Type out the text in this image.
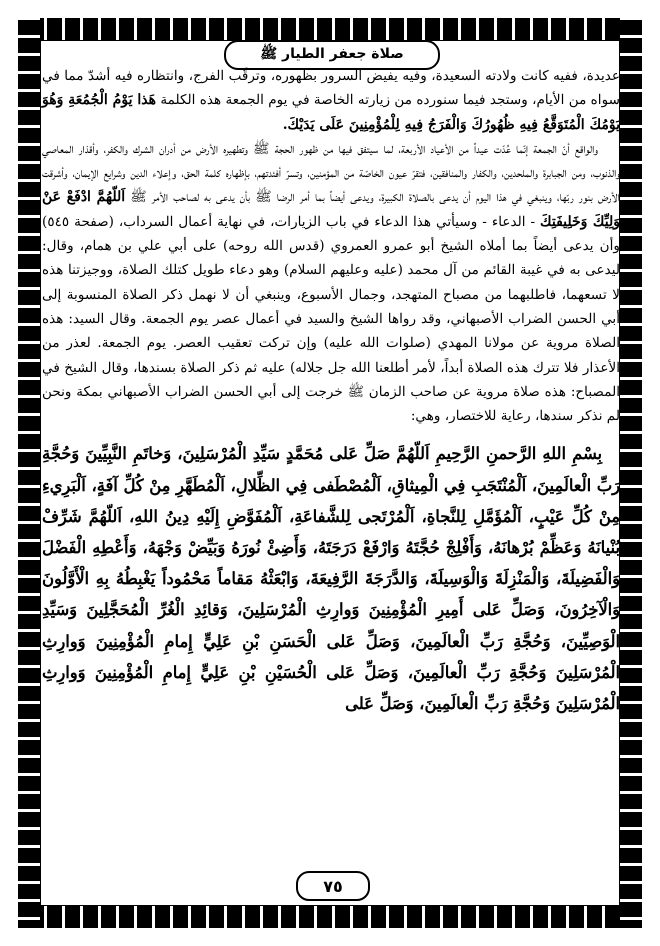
صلاة جعفر الطيار ﷺ

عديدة، ففيه كانت ولادته السعيدة، وفيه يفيض السرور بظهوره، وترقّب الفرج، وانتظاره فيه أشدّ مما في سواه من الأيام، وستجد فيما سنورده من زيارته الخاصة في يوم الجمعة هذه الكلمة هَذا يَوْمُ الْجُمُعَةِ وَهُوَ يَوْمُكَ الْمُتَوَقَّعُ فِيهِ ظُهُورُكَ وَالْفَرَجُ فِيهِ لِلْمُؤْمِنِينَ عَلَى يَدَيْكَ.

والواقع أنّ الجمعة إنّما عُدّت عيداً من الأعياد الأربعة، لما سيتفق فيها من ظهور الحجة ﷺ وتطهيره الأرض من أدران الشرك والكفر، وأقذار المعاصي والذنوب، ومن الجبابرة والملحدين، والكفار والمنافقين، فتقرّ عيون الخاصّة من المؤمنين، وتسرّ أفئدتهم، بإظهاره كلمة الحق، وإعلاء الدين وشرايع الإيمان، وأشرقت الأرض بنور ربّها، وينبغي في هذا اليوم أن يدعى بالصلاة الكبيرة، ويدعى أيضاً بما أمر الرضا ﷺ بأن يدعى به لصاحب الأمر ﷺ اَللّهُمَّ ادْفَعْ عَنْ وَلِيِّكَ وَخَلِيفَتِكَ - الدعاء - وسيأتي هذا الدعاء في باب الزيارات، في نهاية أعمال السرداب، (صفحة ٥٤٥) وأن يدعى أيضاً بما أملاه الشيخ أبو عمرو العمروي (قدس الله روحه) على أبي علي بن همام، وقال: ليدعى به في غيبة القائم من آل محمد (عليه وعليهم السلام) وهو دعاء طويل كتلك الصلاة، ووجيزتنا هذه لا تسعهما، فاطلبهما من مصباح المتهجد، وجمال الأسبوع، وينبغي أن لا نهمل ذكر الصلاة المنسوبة إلى أبي الحسن الضراب الأصبهاني، وقد رواها الشيخ والسيد في أعمال عصر يوم الجمعة. وقال السيد: هذه الصلاة مروية عن مولانا المهدي (صلوات الله عليه) وإن تركت تعقيب العصر. يوم الجمعة. لعذر من الأعذار فلا تترك هذه الصلاة أبداً، لأمر أطلعنا الله جل جلاله) عليه ثم ذكر الصلاة بسندها، وقال الشيخ في المصباح: هذه صلاة مروية عن صاحب الزمان ﷺ خرجت إلى أبي الحسن الضراب الأصبهاني بمكة ونحن لم نذكر سندها، رعاية للاختصار، وهي:

بِسْمِ اللهِ الرَّحمنِ الرَّحِيمِ اَللّهُمَّ صَلِّ عَلى مُحَمَّدٍ سَيِّدِ الْمُرْسَلِينَ، وَخاتَمِ النَّبِيِّينَ وَحُجَّةِ رَبِّ الْعالَمِينَ، اَلْمُنْتَجَبِ فِي الْمِيثاقِ، اَلْمُصْطَفى فِي الظِّلالِ، اَلْمُطَهَّرِ مِنْ كُلِّ آفَةٍ، اَلْبَرِيءِ مِنْ كُلِّ عَيْبٍ، اَلْمُؤَمَّلِ لِلنَّجاةِ، اَلْمُرْتَجى لِلشَّفاعَةِ، اَلْمُفَوَّضِ إِلَيْهِ دِينُ اللهِ، اَللّهُمَّ شَرِّفْ بُنْيانَهُ وَعَظِّمْ بُرْهانَهُ، وَأَفْلِجْ حُجَّتَهُ وَارْفَعْ دَرَجَتَهُ، وَأَضِئْ نُورَهُ وَبَيِّضْ وَجْهَهُ، وَأَعْطِهِ الْفَضْلَ وَالْفَضِيلَةَ، وَالْمَنْزِلَةَ وَالْوَسِيلَةَ، وَالدَّرَجَةَ الرَّفِيعَةَ، وَابْعَثْهُ مَقاماً مَحْمُوداً يَغْبِطُهُ بِهِ الْأَوَّلُونَ وَالْآخِرُونَ، وَصَلِّ عَلى أَمِيرِ الْمُؤْمِنِينَ وَوارِثِ الْمُرْسَلِينَ، وَقائِدِ الْغُرِّ الْمُحَجَّلِينَ وَسَيِّدِ الْوَصِيِّينَ، وَحُجَّةِ رَبِّ الْعالَمِينَ، وَصَلِّ عَلى الْحَسَنِ بْنِ عَلِيٍّ إِمامِ الْمُؤْمِنِينَ وَوارِثِ الْمُرْسَلِينَ وَحُجَّةِ رَبِّ الْعالَمِينَ، وَصَلِّ عَلى الْحُسَيْنِ بْنِ عَلِيٍّ إِمامِ الْمُؤْمِنِينَ وَوارِثِ الْمُرْسَلِينَ وَحُجَّةِ رَبِّ الْعالَمِينَ، وَصَلِّ عَلى

٧٥
